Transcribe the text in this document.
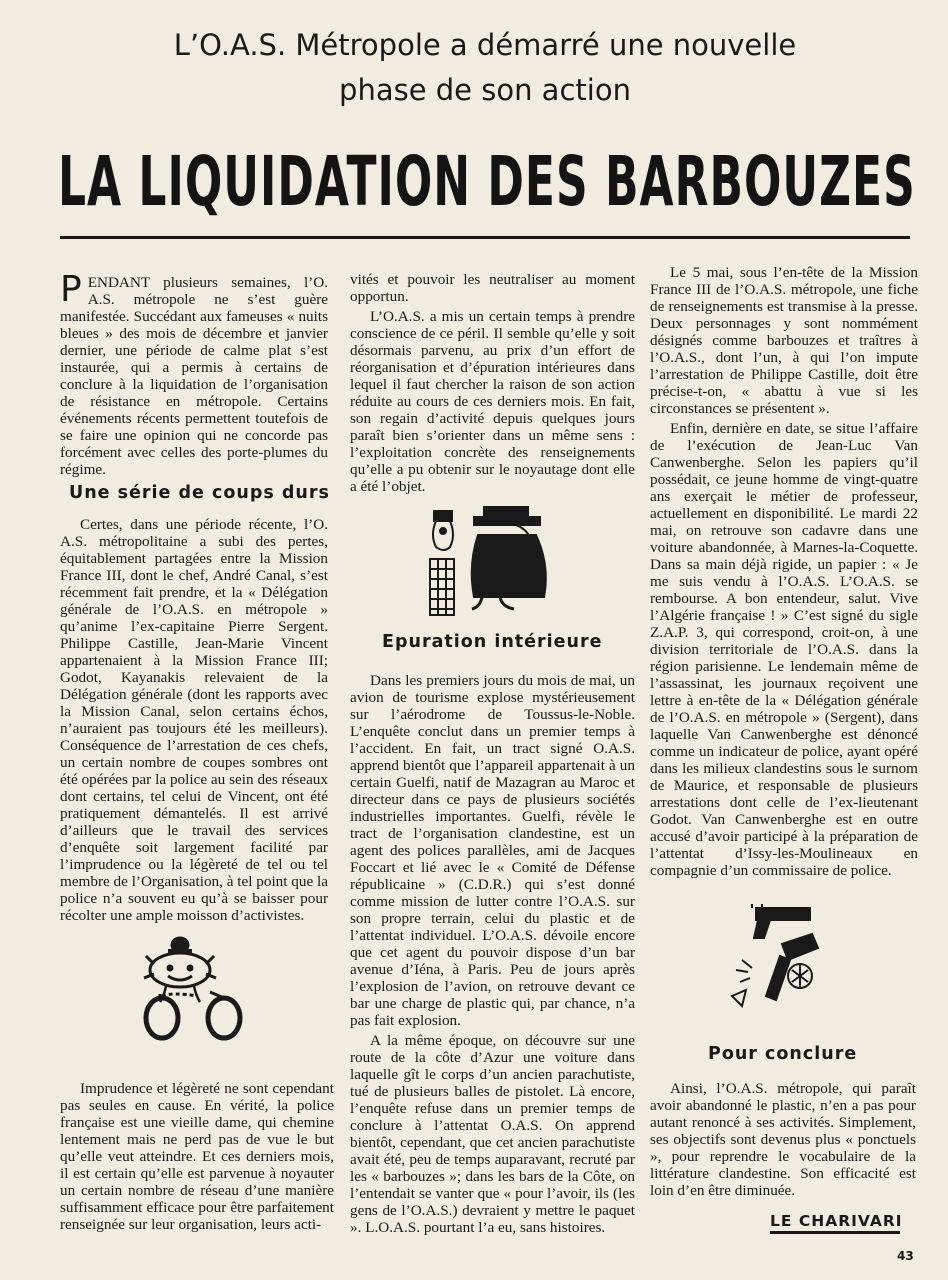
L’O.A.S. Métropole a démarré une nouvelle
phase de son action
LA LIQUIDATION DES BARBOUZES

PENDANT plusieurs semaines, l’O. A.S. métropole ne s’est guère manifestée. Succédant aux fameuses « nuits bleues » des mois de décembre et janvier dernier, une période de calme plat s’est instaurée, qui a permis à certains de conclure à la liquidation de l’organisation de résistance en métropole. Certains événements récents permettent toutefois de se faire une opinion qui ne concorde pas forcément avec celles des porte-plumes du régime.

Une série de coups durs

Certes, dans une période récente, l’O. A.S. métropolitaine a subi des pertes, équitablement partagées entre la Mission France III, dont le chef, André Canal, s’est récemment fait prendre, et la « Délégation générale de l’O.A.S. en métropole » qu’anime l’ex-capitaine Pierre Sergent. Philippe Castille, Jean-Marie Vincent appartenaient à la Mission France III; Godot, Kayanakis relevaient de la Délégation générale (dont les rapports avec la Mission Canal, selon certains échos, n’auraient pas toujours été les meilleurs). Conséquence de l’arrestation de ces chefs, un certain nombre de coupes sombres ont été opérées par la police au sein des réseaux dont certains, tel celui de Vincent, ont été pratiquement démantelés. Il est arrivé d’ailleurs que le travail des services d’enquête soit largement facilité par l’imprudence ou la légèreté de tel ou tel membre de l’Organisation, à tel point que la police n’a souvent eu qu’à se baisser pour récolter une ample moisson d’activistes.

Imprudence et légèreté ne sont cependant pas seules en cause. En vérité, la police française est une vieille dame, qui chemine lentement mais ne perd pas de vue le but qu’elle veut atteindre. Et ces derniers mois, il est certain qu’elle est parvenue à noyauter un certain nombre de réseau d’une manière suffisamment efficace pour être parfaitement renseignée sur leur organisation, leurs acti-

vités et pouvoir les neutraliser au moment opportun.

L’O.A.S. a mis un certain temps à prendre conscience de ce péril. Il semble qu’elle y soit désormais parvenu, au prix d’un effort de réorganisation et d’épuration intérieures dans lequel il faut chercher la raison de son action réduite au cours de ces derniers mois. En fait, son regain d’activité depuis quelques jours paraît bien s’orienter dans un même sens : l’exploitation concrète des renseignements qu’elle a pu obtenir sur le noyautage dont elle a été l’objet.

Epuration intérieure

Dans les premiers jours du mois de mai, un avion de tourisme explose mystérieusement sur l’aérodrome de Toussus-le-Noble. L’enquête conclut dans un premier temps à l’accident. En fait, un tract signé O.A.S. apprend bientôt que l’appareil appartenait à un certain Guelfi, natif de Mazagran au Maroc et directeur dans ce pays de plusieurs sociétés industrielles importantes. Guelfi, révèle le tract de l’organisation clandestine, est un agent des polices parallèles, ami de Jacques Foccart et lié avec le « Comité de Défense républicaine » (C.D.R.) qui s’est donné comme mission de lutter contre l’O.A.S. sur son propre terrain, celui du plastic et de l’attentat individuel. L’O.A.S. dévoile encore que cet agent du pouvoir dispose d’un bar avenue d’Iéna, à Paris. Peu de jours après l’explosion de l’avion, on retrouve devant ce bar une charge de plastic qui, par chance, n’a pas fait explosion.

A la même époque, on découvre sur une route de la côte d’Azur une voiture dans laquelle gît le corps d’un ancien parachutiste, tué de plusieurs balles de pistolet. Là encore, l’enquête refuse dans un premier temps de conclure à l’attentat O.A.S. On apprend bientôt, cependant, que cet ancien parachutiste avait été, peu de temps auparavant, recruté par les « barbouzes »; dans les bars de la Côte, on l’entendait se vanter que « pour l’avoir, ils (les gens de l’O.A.S.) devraient y mettre le paquet ». L.O.A.S. pourtant l’a eu, sans histoires.

Le 5 mai, sous l’en-tête de la Mission France III de l’O.A.S. métropole, une fiche de renseignements est transmise à la presse. Deux personnages y sont nommément désignés comme barbouzes et traîtres à l’O.A.S., dont l’un, à qui l’on impute l’arrestation de Philippe Castille, doit être précise-t-on, « abattu à vue si les circonstances se présentent ».

Enfin, dernière en date, se situe l’affaire de l’exécution de Jean-Luc Van Canwenberghe. Selon les papiers qu’il possédait, ce jeune homme de vingt-quatre ans exerçait le métier de professeur, actuellement en disponibilité. Le mardi 22 mai, on retrouve son cadavre dans une voiture abandonnée, à Marnes-la-Coquette. Dans sa main déjà rigide, un papier : « Je me suis vendu à l’O.A.S. L’O.A.S. se rembourse. A bon entendeur, salut. Vive l’Algérie française ! » C’est signé du sigle Z.A.P. 3, qui correspond, croit-on, à une division territoriale de l’O.A.S. dans la région parisienne. Le lendemain même de l’assassinat, les journaux reçoivent une lettre à en-tête de la « Délégation générale de l’O.A.S. en métropole » (Sergent), dans laquelle Van Canwenberghe est dénoncé comme un indicateur de police, ayant opéré dans les milieux clandestins sous le surnom de Maurice, et responsable de plusieurs arrestations dont celle de l’ex-lieutenant Godot. Van Canwenberghe est en outre accusé d’avoir participé à la préparation de l’attentat d’Issy-les-Moulineaux en compagnie d’un commissaire de police.

Pour conclure

Ainsi, l’O.A.S. métropole, qui paraît avoir abandonné le plastic, n’en a pas pour autant renoncé à ses activités. Simplement, ses objectifs sont devenus plus « ponctuels », pour reprendre le vocabulaire de la littérature clandestine. Son efficacité est loin d’en être diminuée.

LE CHARIVARI
43
